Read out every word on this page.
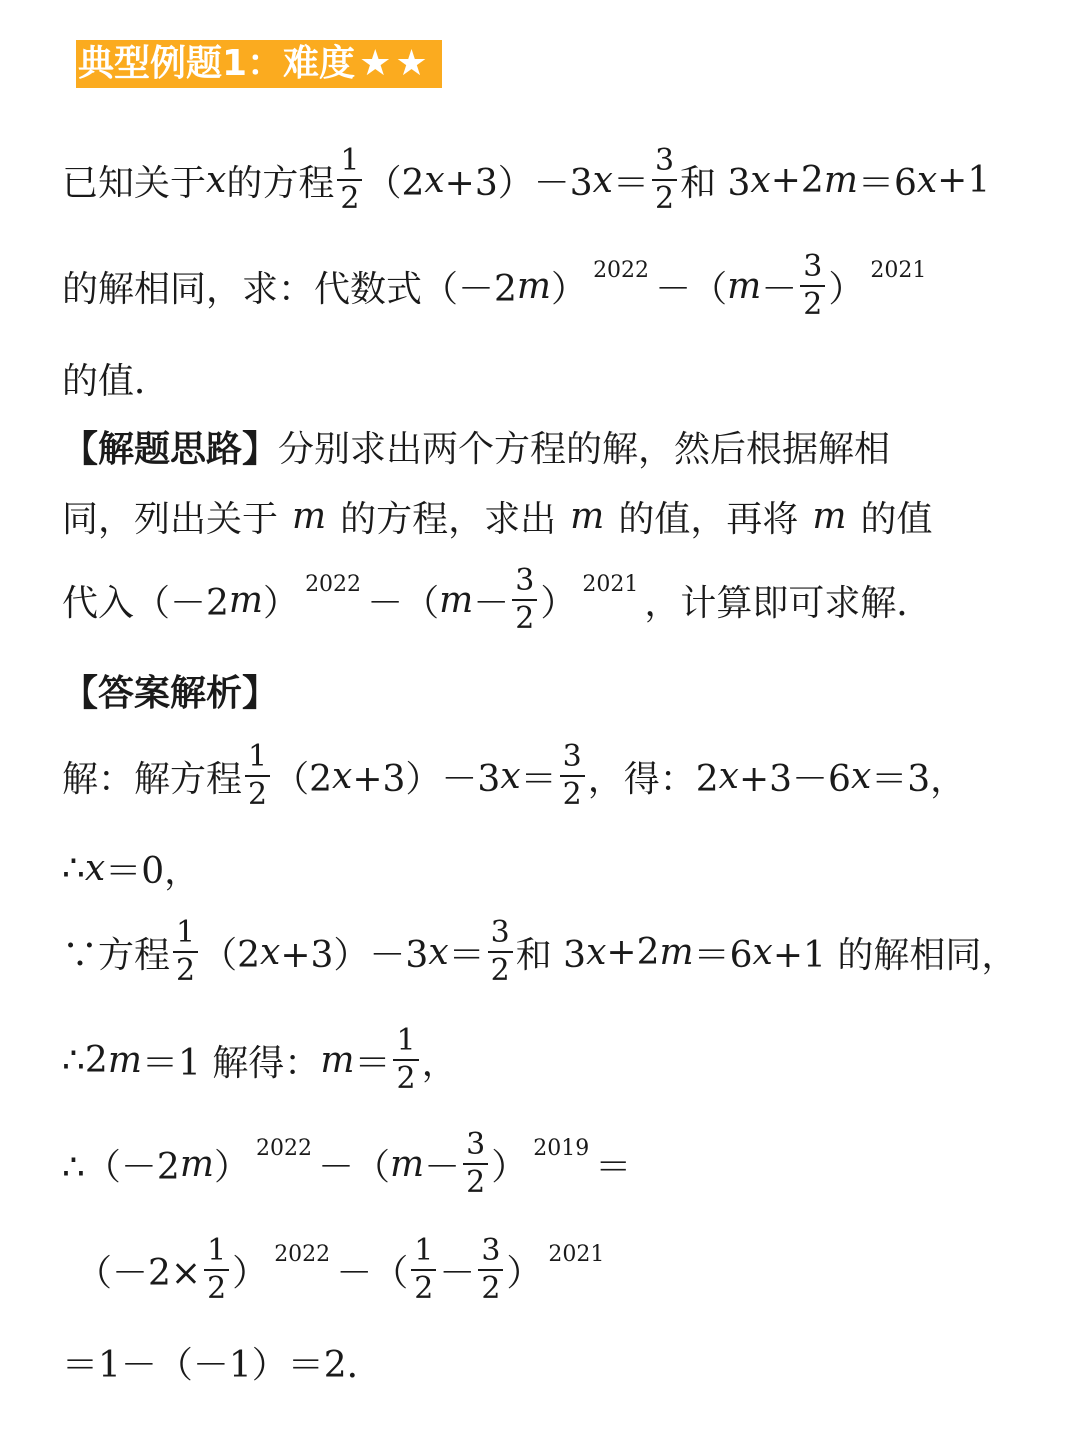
典型例题1：难度 ★★
已知关于 x 的方程 $\frac{1}{2} (2$ x +3）－3 $x = \frac{3}{2}$ 和 3 x +2 m ＝6 x +1
的解相同，求：代数式（－2 m ） 2022 －（ $m - \frac{3}{2}$ ） 2021
的值．
【解题思路】 分别求出两个方程的解，然后根据解相
同，列出关于 m 的方程，求出 m 的值，再将 m 的值
代入（－2 m ） 2022 －（ $m - \frac{3}{2}$ ） 2021 ，计算即可求解．
【答案解析】
解：解方程 $\frac{1}{2} (2$ x +3）－3 $x = \frac{3}{2}$ ，得：2 x +3－6 x ＝3，
∴ x ＝0，
∵方程 $\frac{1}{2} (2$ x +3）－3 $x = \frac{3}{2}$ 和 3 x +2 m ＝6 x +1 的解相同，
∴2 m ＝1 解得： $m = \frac{1}{2}$ ，
∴（－2 m ） 2022 －（ $m - \frac{3}{2}$ ） 2019 ＝
（$-2\times \frac{1}{2}$ ） 2022 －（ $\frac{1}{2} - \frac{3}{2}$ ） 2021
＝1－（－1）＝2．
